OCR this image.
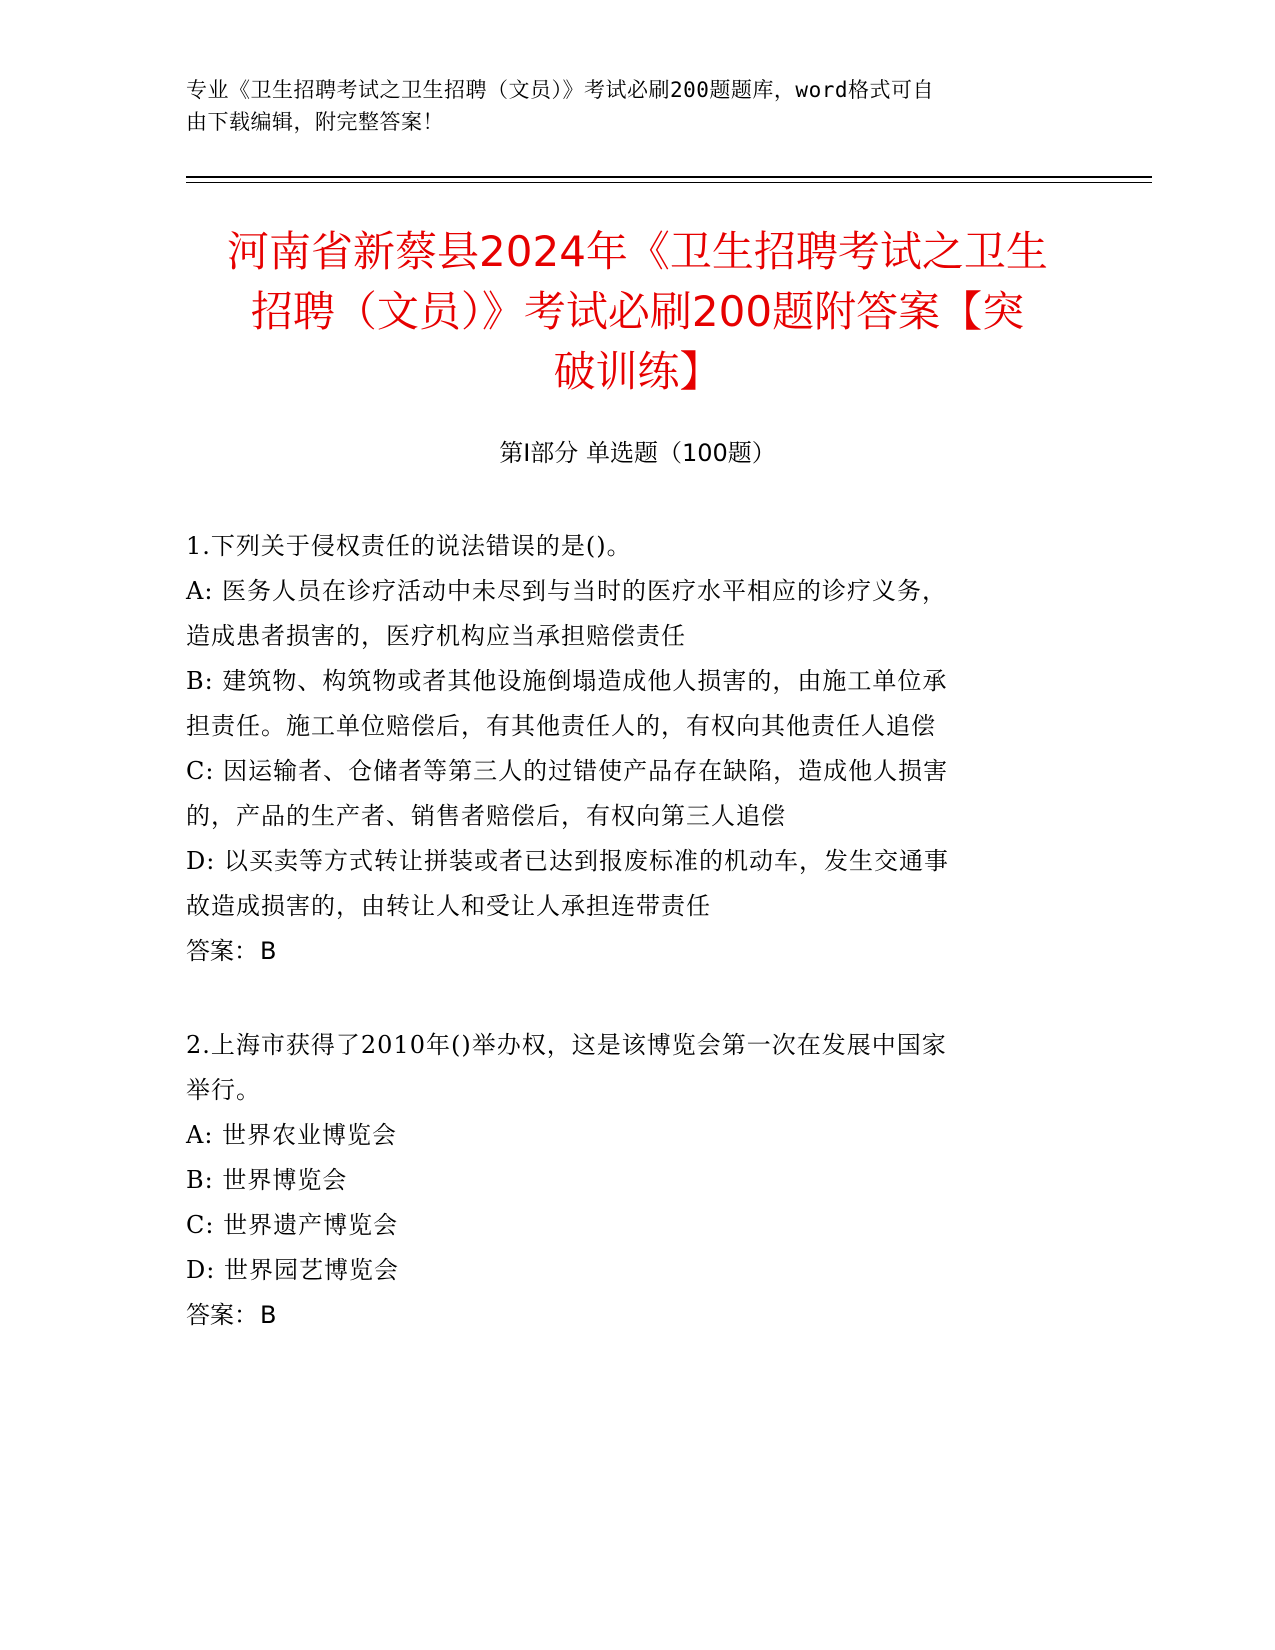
专业《卫生招聘考试之卫生招聘（文员）》考试必刷200题题库，word格式可自
由下载编辑，附完整答案！
河南省新蔡县2024年《卫生招聘考试之卫生
招聘（文员）》考试必刷200题附答案【突
破训练】
第Ⅰ部分 单选题（100题）

1.下列关于侵权责任的说法错误的是()。

A: 医务人员在诊疗活动中未尽到与当时的医疗水平相应的诊疗义务，

造成患者损害的，医疗机构应当承担赔偿责任

B: 建筑物、构筑物或者其他设施倒塌造成他人损害的，由施工单位承

担责任。施工单位赔偿后，有其他责任人的，有权向其他责任人追偿

C: 因运输者、仓储者等第三人的过错使产品存在缺陷，造成他人损害

的，产品的生产者、销售者赔偿后，有权向第三人追偿

D: 以买卖等方式转让拼装或者已达到报废标准的机动车，发生交通事

故造成损害的，由转让人和受让人承担连带责任

答案：B

2.上海市获得了2010年()举办权，这是该博览会第一次在发展中国家

举行。

A: 世界农业博览会

B: 世界博览会

C: 世界遗产博览会

D: 世界园艺博览会

答案：B
